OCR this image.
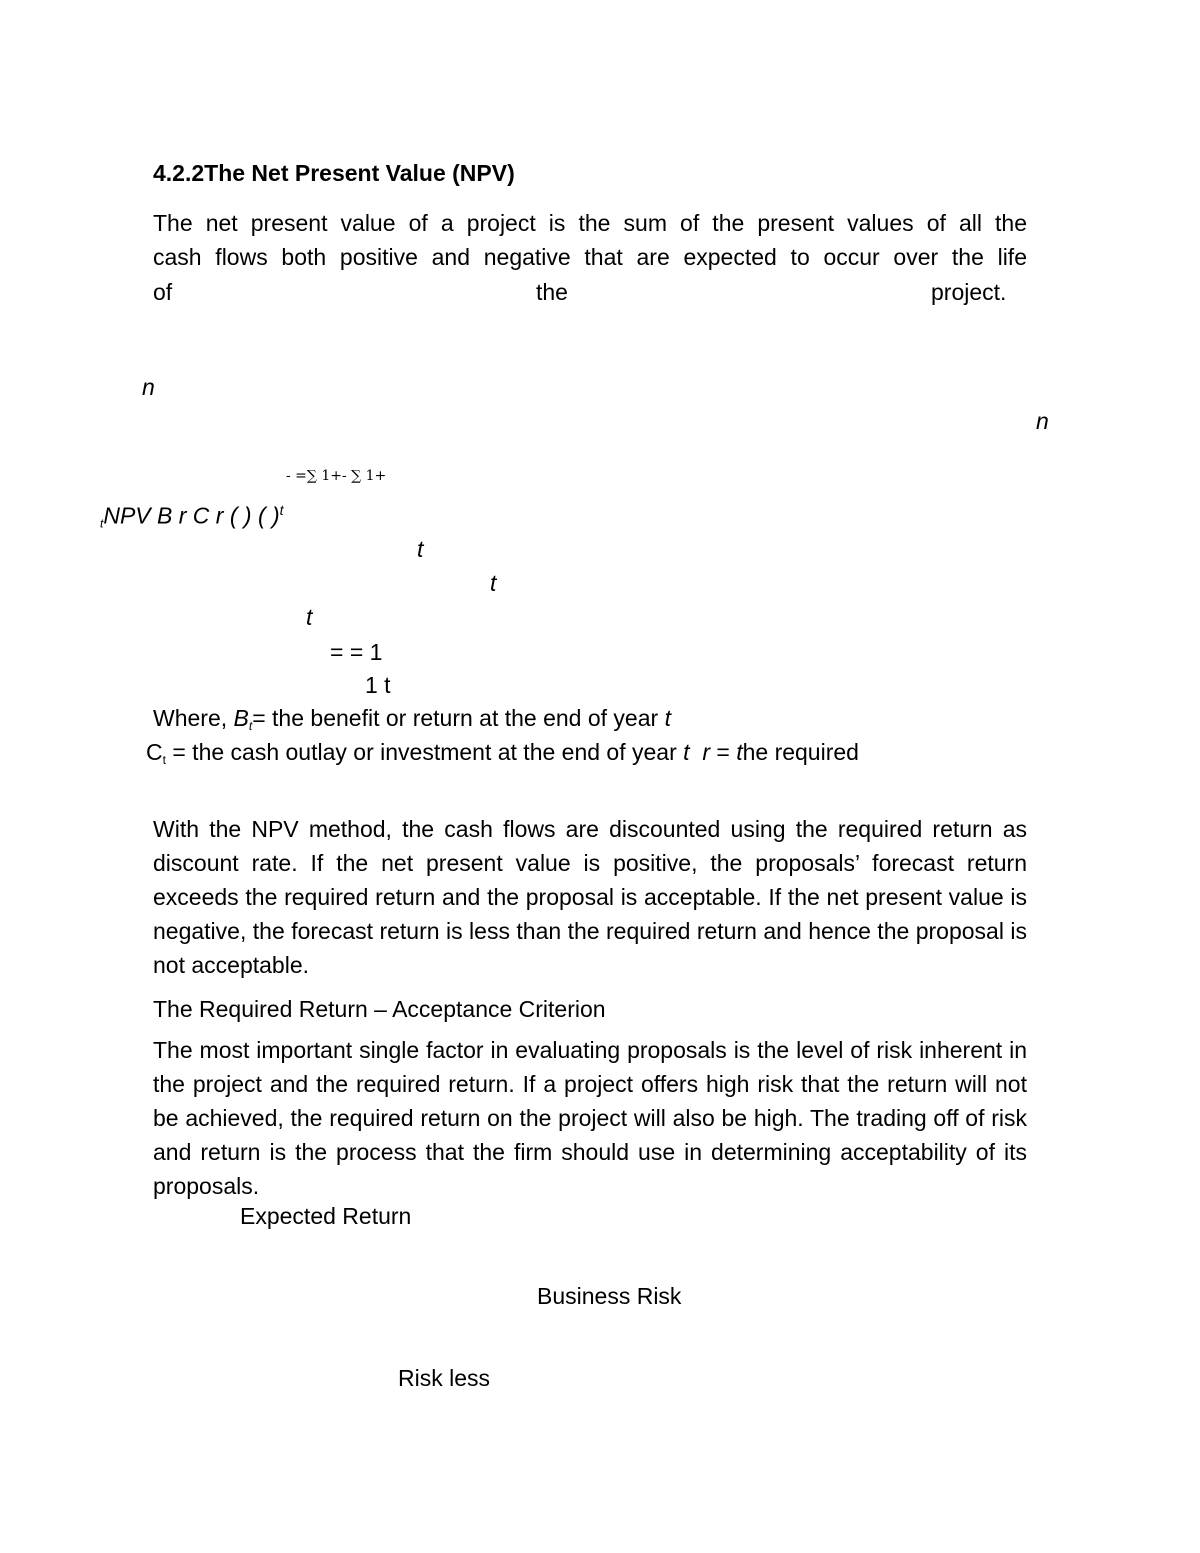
4.2.2The Net Present Value (NPV)
The net present value of a project is the sum of the present values of all the
cash flows both positive and negative that are expected to occur over the life
of	the	project.
n
n
- =∑ 1+- ∑ 1+
$_t$NPV B r C r ( ) ( )$^t$
t
t
t
= = 1
1 t
Where, $B_t=$ the benefit or return at the end of year t
$C_t$ = the cash outlay or investment at the end of year t r = the required
With the NPV method, the cash flows are discounted using the required return as discount rate. If the net present value is positive, the proposals’ forecast return exceeds the required return and the proposal is acceptable. If the net present value is negative, the forecast return is less than the required return and hence the proposal is not acceptable.
The Required Return – Acceptance Criterion
The most important single factor in evaluating proposals is the level of risk inherent in the project and the required return. If a project offers high risk that the return will not be achieved, the required return on the project will also be high. The trading off of risk and return is the process that the firm should use in determining acceptability of its proposals.
Expected Return
Business Risk
Risk less
